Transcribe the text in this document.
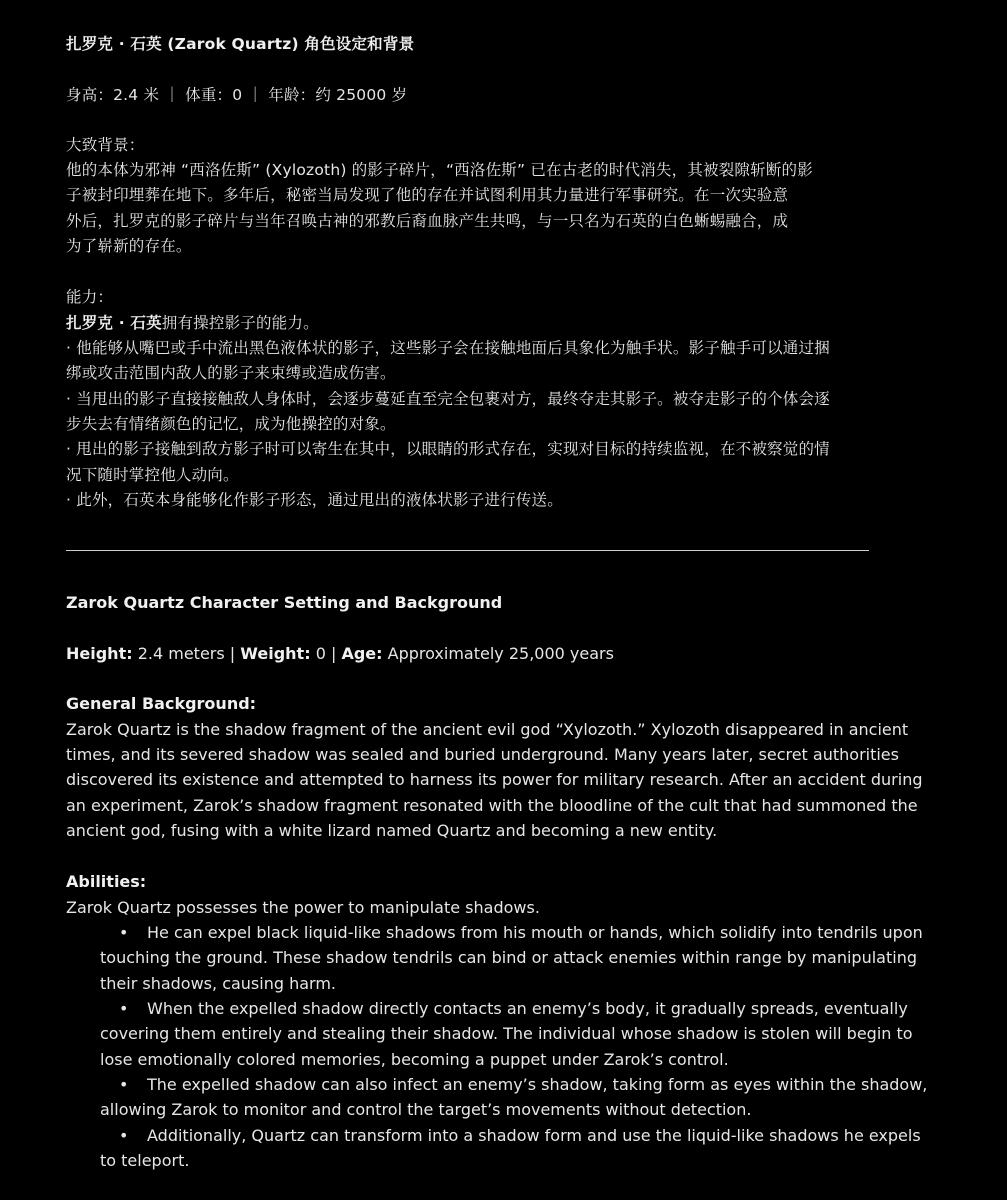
扎罗克 · 石英 (Zarok Quartz) 角色设定和背景
身高：2.4 米 ｜ 体重：0 ｜ 年龄：约 25000 岁
大致背景：
他的本体为邪神 “西洛佐斯” (Xylozoth) 的影子碎片，“西洛佐斯” 已在古老的时代消失，其被裂隙斩断的影
子被封印埋葬在地下。多年后，秘密当局发现了他的存在并试图利用其力量进行军事研究。在一次实验意
外后，扎罗克的影子碎片与当年召唤古神的邪教后裔血脉产生共鸣，与一只名为石英的白色蜥蜴融合，成
为了崭新的存在。
能力：
扎罗克 · 石英拥有操控影子的能力。
· 他能够从嘴巴或手中流出黑色液体状的影子，这些影子会在接触地面后具象化为触手状。影子触手可以通过捆
绑或攻击范围内敌人的影子来束缚或造成伤害。
· 当甩出的影子直接接触敌人身体时，会逐步蔓延直至完全包裹对方，最终夺走其影子。被夺走影子的个体会逐
步失去有情绪颜色的记忆，成为他操控的对象。
· 甩出的影子接触到敌方影子时可以寄生在其中，以眼睛的形式存在，实现对目标的持续监视，在不被察觉的情
况下随时掌控他人动向。
· 此外，石英本身能够化作影子形态，通过甩出的液体状影子进行传送。
Zarok Quartz Character Setting and Background
Height: 2.4 meters | Weight: 0 | Age: Approximately 25,000 years
General Background:
Zarok Quartz is the shadow fragment of the ancient evil god “Xylozoth.” Xylozoth disappeared in ancient
times, and its severed shadow was sealed and buried underground. Many years later, secret authorities
discovered its existence and attempted to harness its power for military research. After an accident during
an experiment, Zarok’s shadow fragment resonated with the bloodline of the cult that had summoned the
ancient god, fusing with a white lizard named Quartz and becoming a new entity.
Abilities:
Zarok Quartz possesses the power to manipulate shadows.
• He can expel black liquid-like shadows from his mouth or hands, which solidify into tendrils upon
touching the ground. These shadow tendrils can bind or attack enemies within range by manipulating
their shadows, causing harm.
• When the expelled shadow directly contacts an enemy’s body, it gradually spreads, eventually
covering them entirely and stealing their shadow. The individual whose shadow is stolen will begin to
lose emotionally colored memories, becoming a puppet under Zarok’s control.
• The expelled shadow can also infect an enemy’s shadow, taking form as eyes within the shadow,
allowing Zarok to monitor and control the target’s movements without detection.
• Additionally, Quartz can transform into a shadow form and use the liquid-like shadows he expels
to teleport.
